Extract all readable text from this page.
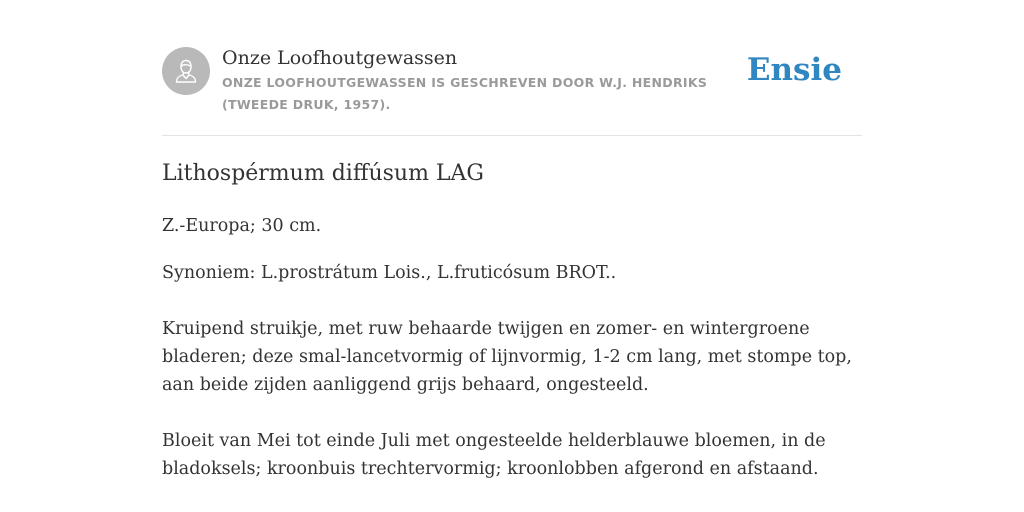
Onze Loofhoutgewassen
ONZE LOOFHOUTGEWASSEN IS GESCHREVEN DOOR W.J. HENDRIKS (TWEEDE DRUK, 1957).
Ensie
Lithospérmum diffúsum LAG

Z.-Europa; 30 cm.

Synoniem: L.prostrátum Lois., L.fruticósum BROT..

Kruipend struikje, met ruw behaarde twijgen en zomer- en wintergroene bladeren; deze smal-lancetvormig of lijnvormig, 1-2 cm lang, met stompe top, aan beide zijden aanliggend grijs behaard, ongesteeld.

Bloeit van Mei tot einde Juli met ongesteelde helderblauwe bloemen, in de bladoksels; kroonbuis trechtervormig; kroonlobben afgerond en afstaand.
